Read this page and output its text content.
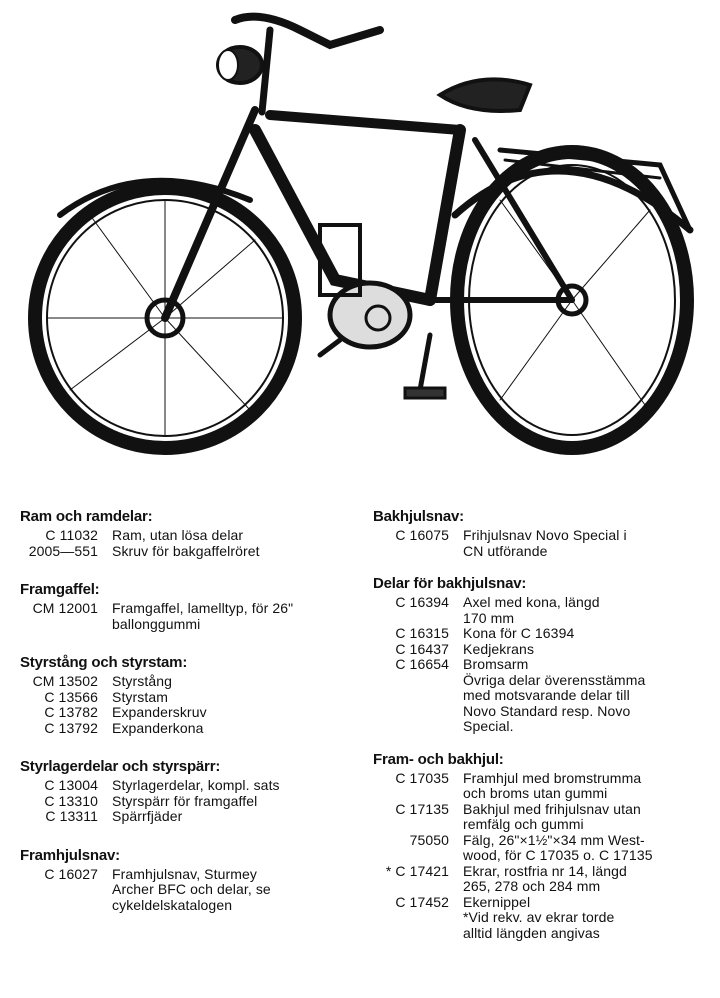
Ram och ramdelar:
C 11032	Ram, utan lösa delar
2005—551	Skruv för bakgaffelröret
Framgaffel:
CM 12001	Framgaffel, lamelltyp, för 26"
ballonggummi
Styrstång och styrstam:
CM 13502	Styrstång
C 13566	Styrstam
C 13782	Expanderskruv
C 13792	Expanderkona
Styrlagerdelar och styrspärr:
C 13004	Styrlagerdelar, kompl. sats
C 13310	Styrspärr för framgaffel
C 13311	Spärrfjäder
Framhjulsnav:
C 16027	Framhjulsnav, Sturmey
Archer BFC och delar, se
cykeldelskatalogen
Bakhjulsnav:
C 16075	Frihjulsnav Novo Special i
CN utförande
Delar för bakhjulsnav:
C 16394	Axel med kona, längd
170 mm
C 16315	Kona för C 16394
C 16437	Kedjekrans
C 16654	Bromsarm
Övriga delar överensstämma
med motsvarande delar till
Novo Standard resp. Novo
Special.
Fram- och bakhjul:
C 17035	Framhjul med bromstrumma
och broms utan gummi
C 17135	Bakhjul med frihjulsnav utan
remfälg och gummi
75050	Fälg, 26"×1½"×34 mm West-
wood, för C 17035 o. C 17135
* C 17421	Ekrar, rostfria nr 14, längd
265, 278 och 284 mm
C 17452	Ekernippel
*Vid rekv. av ekrar torde
alltid längden angivas
